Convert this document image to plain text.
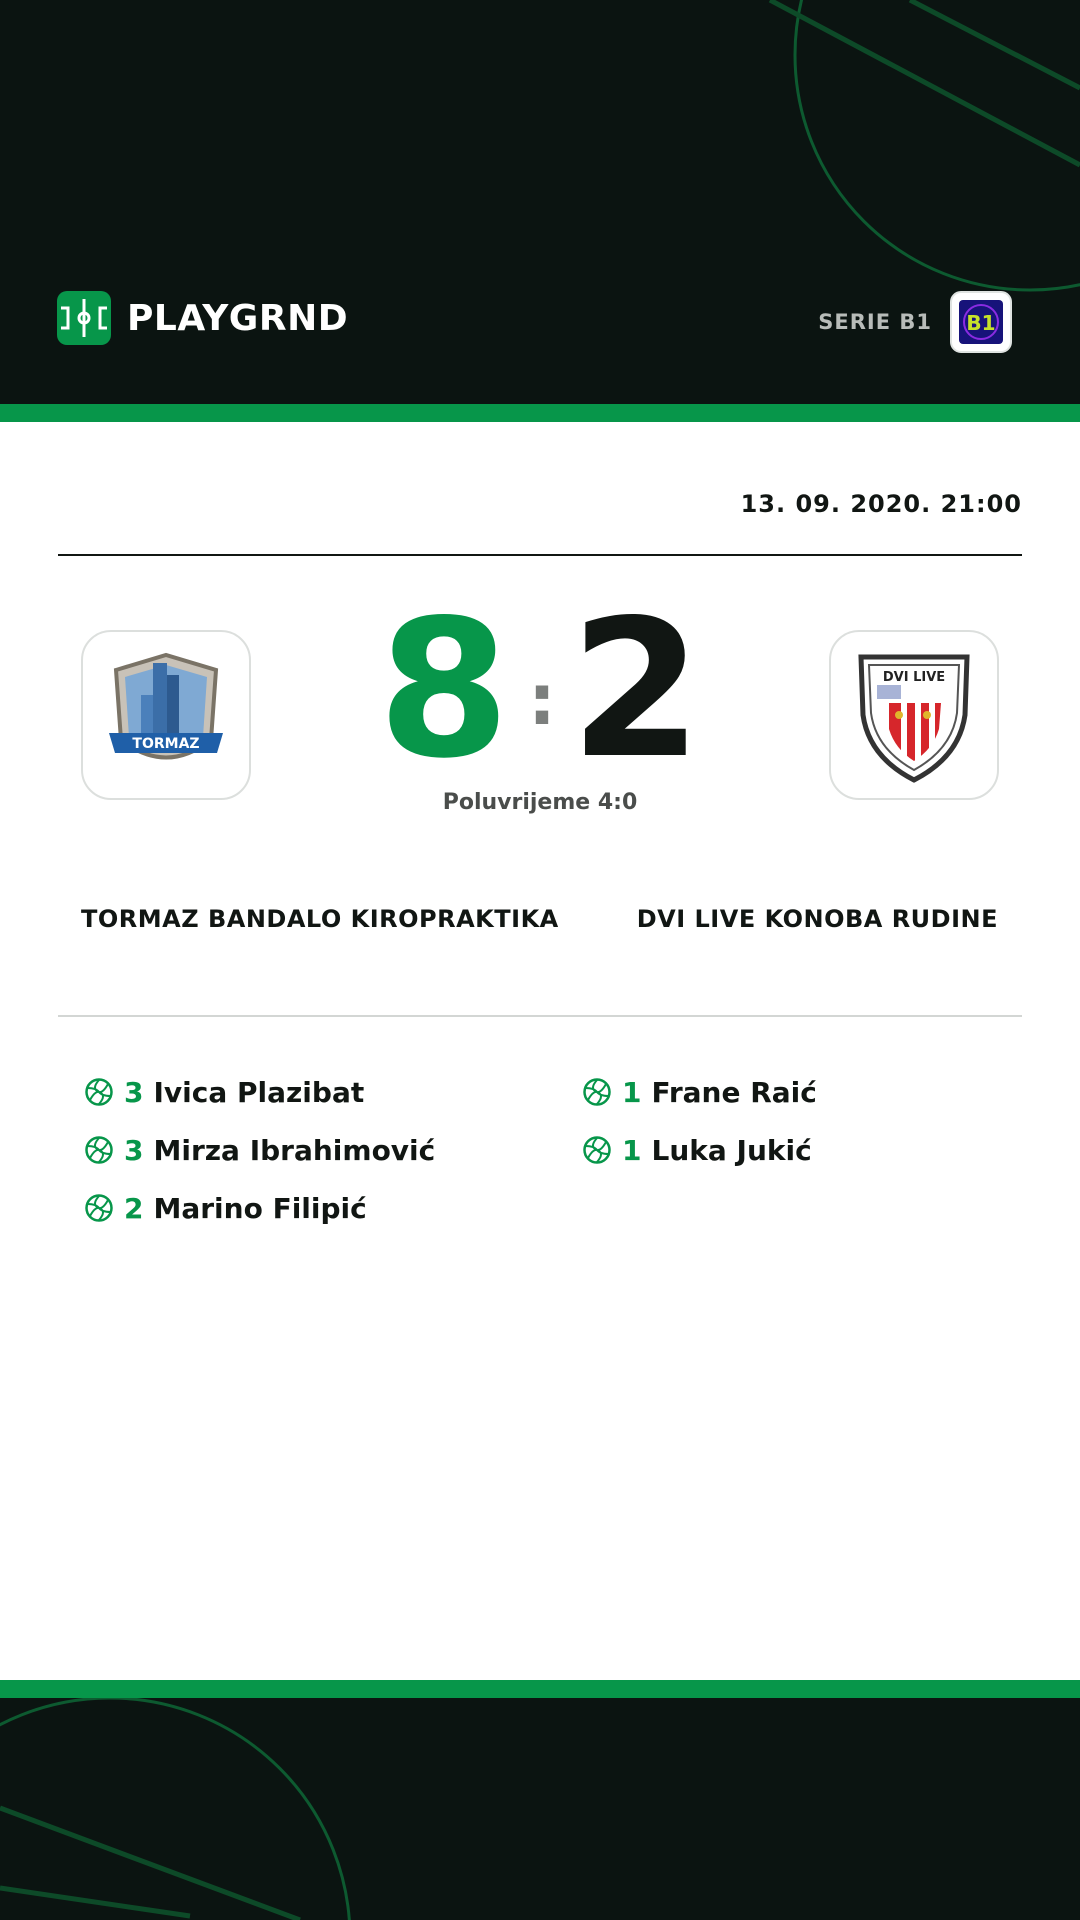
PLAYGRND	SERIE B1 B1
13. 09. 2020. 21:00
TORMAZ 8 : 2
Poluvrijeme 4:0
DVI LIVE
TORMAZ BANDALO KIROPRAKTIKA	DVI LIVE KONOBA RUDINE
3 Ivica Plazibat
3 Mirza Ibrahimović
2 Marino Filipić
1 Frane Raić
1 Luka Jukić
